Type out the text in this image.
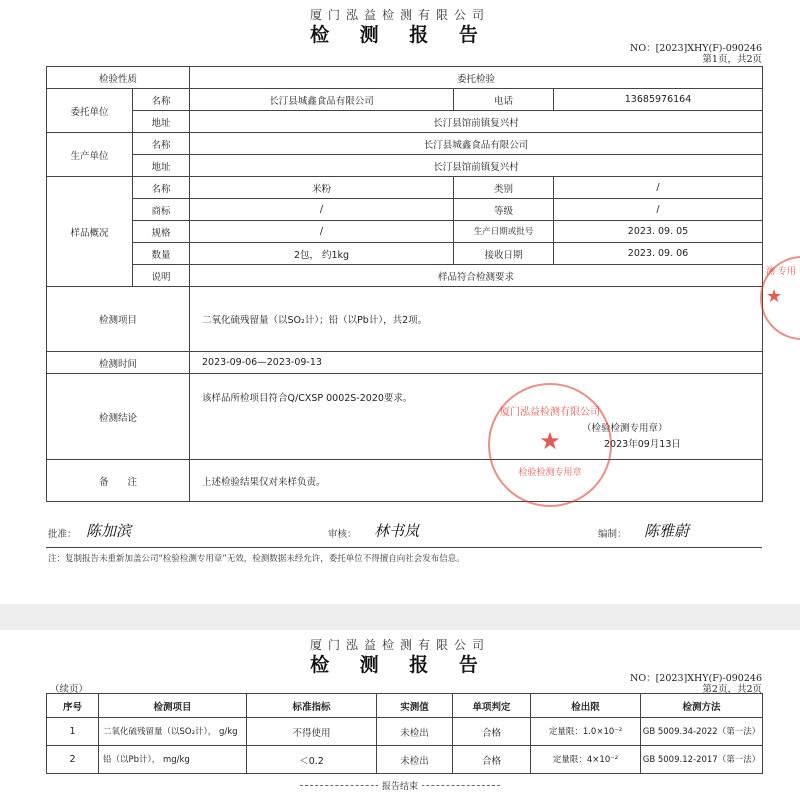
厦门泓益检测有限公司
检 测 报 告
NO：[2023]XHY(F)-090246
第1页，共2页
检验性质		委托检验		
委托单位	名称	长汀县城鑫食品有限公司	电话	13685976164
	地址	长汀县馆前镇复兴村		
生产单位	名称	长汀县城鑫食品有限公司		
	地址	长汀县馆前镇复兴村		
样品概况	名称	米粉	类别	/
	商标	/	等级	/
	规格	/	生产日期或批号	2023. 09. 05
	数量	2包， 约1kg	接收日期	2023. 09. 06
	说明	样品符合检测要求		
检测项目		二氧化硫残留量（以SO₂计）；铅（以Pb计），共2项。		
检测时间		2023-09-06—2023-09-13		
检测结论		该样品所检项目符合Q/CXSP 0002S-2020要求。
（检验检测专用章）
2023年09月13日		

备　　注		上述检验结果仅对来样负责。		
厦门泓益检测有限公司
★
检验检测专用章
★
测 专用
批准： 陈加滨	审核： 林书岚	编制： 陈雅蔚
注：复制报告未重新加盖公司“检验检测专用章”无效，检测数据未经允许，委托单位不得擅自向社会发布信息。
厦门泓益检测有限公司
检 测 报 告
NO：[2023]XHY(F)-090246
第2页，共2页
（续页）
序号	检测项目	标准指标	实测值	单项判定	检出限	检测方法
1	二氧化硫残留量（以SO₂计）， g/kg	不得使用	未检出	合格	定量限：1.0×10⁻²	GB 5009.34-2022（第一法）
2	铅（以Pb计）， mg/kg	＜0.2	未检出	合格	定量限：4×10⁻²	GB 5009.12-2017（第一法）
报告结束
